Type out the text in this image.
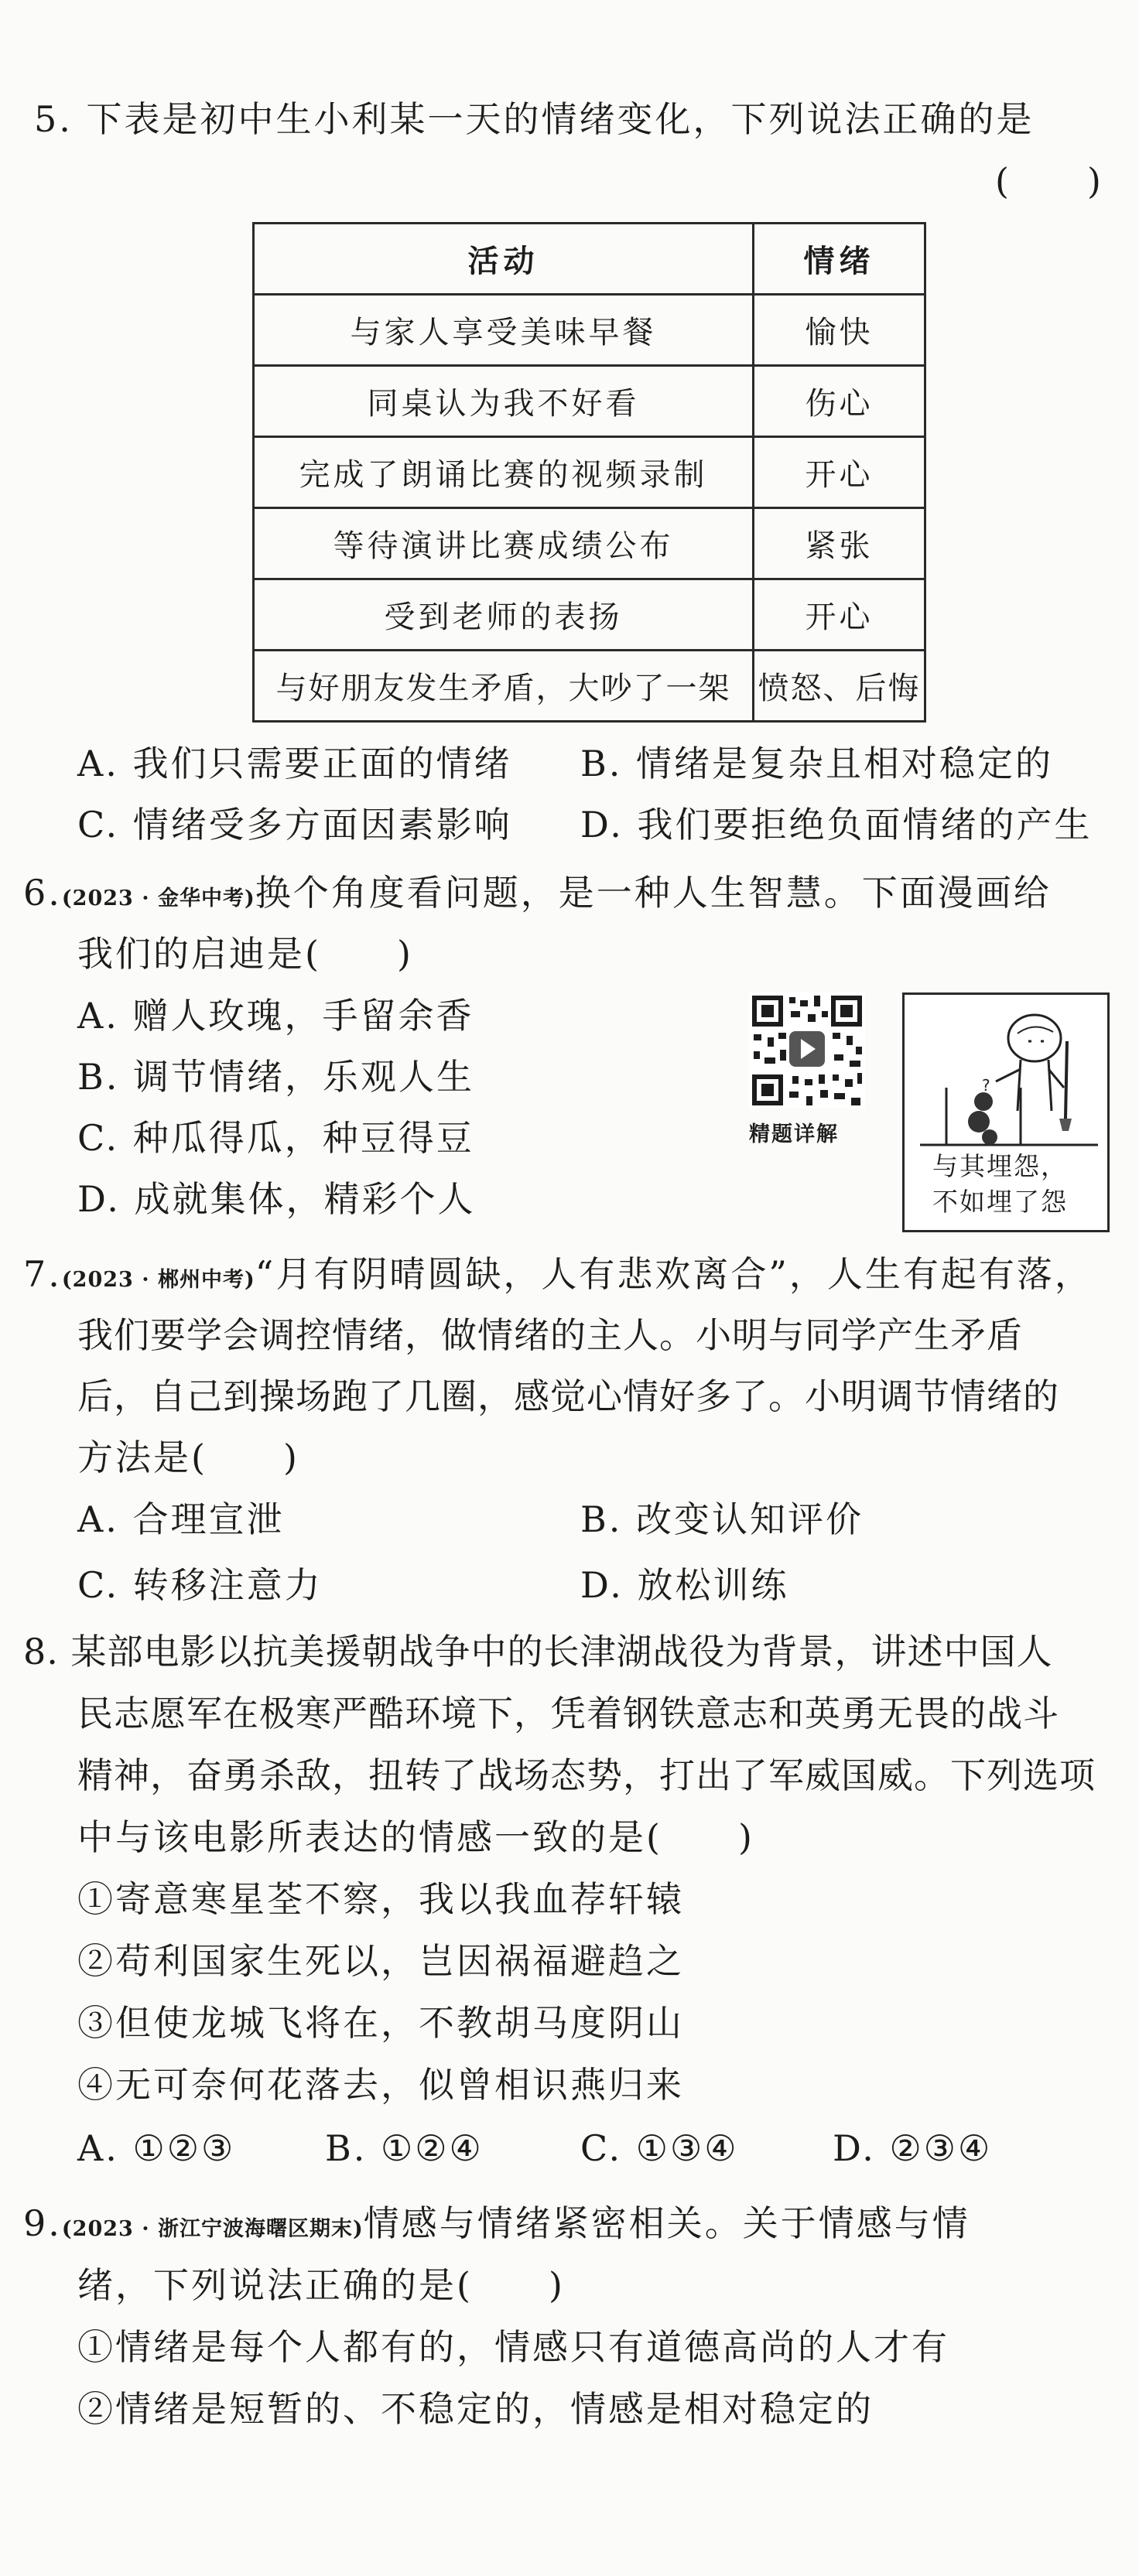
5. 下表是初中生小利某一天的情绪变化，下列说法正确的是
(　　)
活动	情绪
与家人享受美味早餐	愉快
同桌认为我不好看	伤心
完成了朗诵比赛的视频录制	开心
等待演讲比赛成绩公布	紧张
受到老师的表扬	开心
与好朋友发生矛盾，大吵了一架	愤怒、后悔
A. 我们只需要正面的情绪 B. 情绪是复杂且相对稳定的
C. 情绪受多方面因素影响 D. 我们要拒绝负面情绪的产生
6.(2023 · 金华中考)换个角度看问题，是一种人生智慧。下面漫画给
我们的启迪是(　　)
A. 赠人玫瑰，手留余香
B. 调节情绪，乐观人生
C. 种瓜得瓜，种豆得豆
D. 成就集体，精彩个人
精题详解
?
与其埋怨，
不如埋了怨
7.(2023 · 郴州中考)“月有阴晴圆缺，人有悲欢离合”，人生有起有落，
我们要学会调控情绪，做情绪的主人。小明与同学产生矛盾
后，自己到操场跑了几圈，感觉心情好多了。小明调节情绪的
方法是(　　)
A. 合理宣泄	B. 改变认知评价
C. 转移注意力	D. 放松训练
8. 某部电影以抗美援朝战争中的长津湖战役为背景，讲述中国人
民志愿军在极寒严酷环境下，凭着钢铁意志和英勇无畏的战斗
精神，奋勇杀敌，扭转了战场态势，打出了军威国威。下列选项
中与该电影所表达的情感一致的是(　　)
①寄意寒星荃不察，我以我血荐轩辕
②苟利国家生死以，岂因祸福避趋之
③但使龙城飞将在，不教胡马度阴山
④无可奈何花落去，似曾相识燕归来
A. ①②③	B. ①②④	C. ①③④	D. ②③④
9.(2023 · 浙江宁波海曙区期末)情感与情绪紧密相关。关于情感与情
绪，下列说法正确的是(　　)
①情绪是每个人都有的，情感只有道德高尚的人才有
②情绪是短暂的、不稳定的，情感是相对稳定的
